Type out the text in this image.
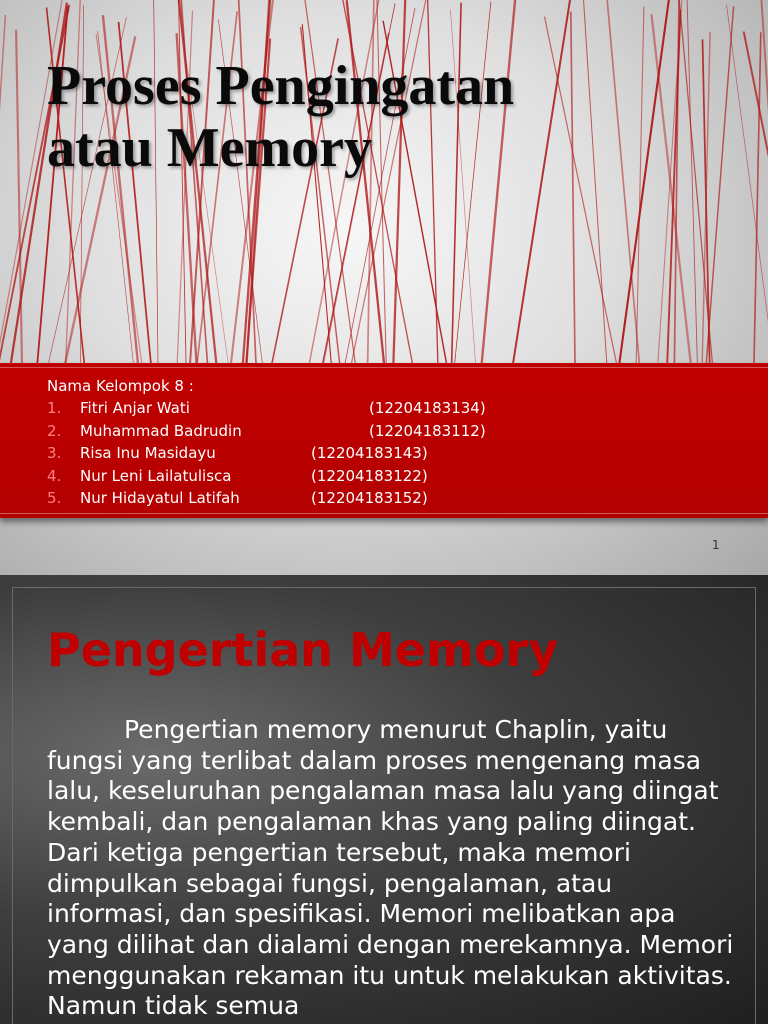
Proses Pengingatan
atau Memory
Nama Kelompok 8 :
1. Fitri Anjar Wati	(12204183134)
2. Muhammad Badrudin	(12204183112)
3. Risa Inu Masidayu	(12204183143)
4. Nur Leni Lailatulisca	(12204183122)
5. Nur Hidayatul Latifah	(12204183152)
1
Pengertian Memory

Pengertian memory menurut Chaplin, yaitu fungsi yang terlibat dalam proses mengenang masa lalu, keseluruhan pengalaman masa lalu yang diingat kembali, dan pengalaman khas yang paling diingat. Dari ketiga pengertian tersebut, maka memori dimpulkan sebagai fungsi, pengalaman, atau informasi, dan spesifikasi. Memori melibatkan apa yang dilihat dan dialami dengan merekamnya. Memori menggunakan rekaman itu untuk melakukan aktivitas. Namun tidak semua
